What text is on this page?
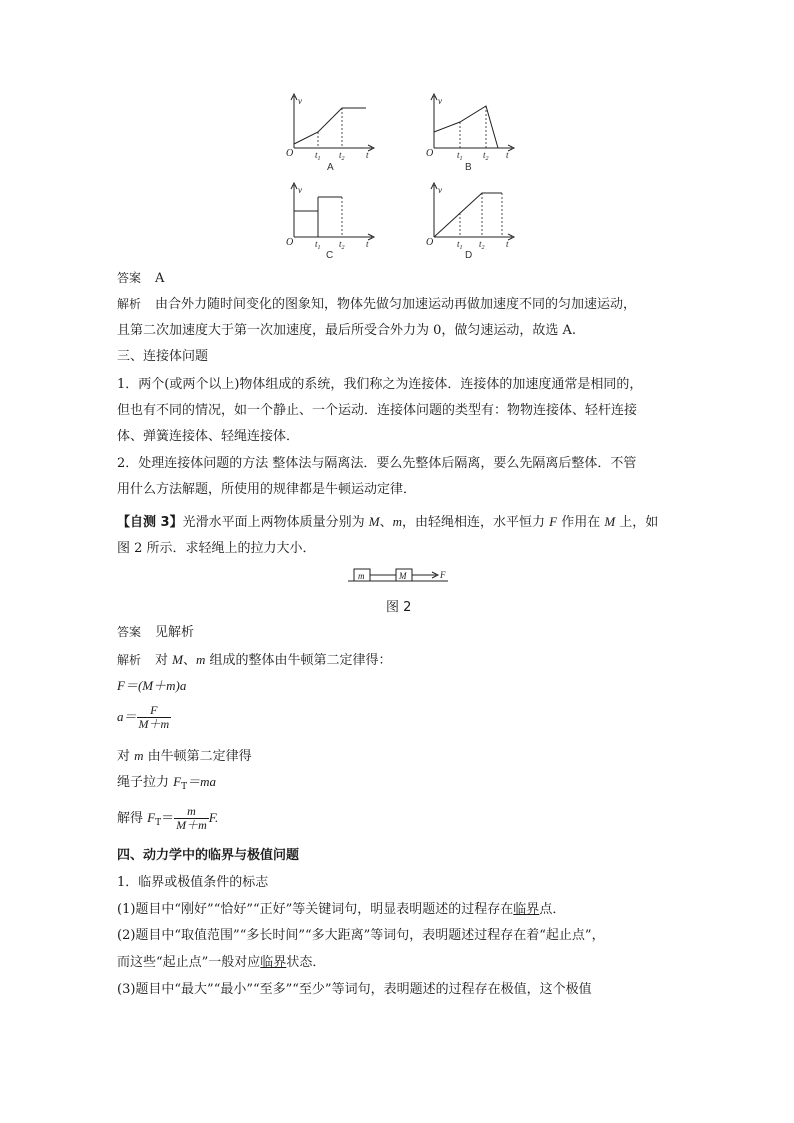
v
O $t_1$ $t_2$ t
A
v
O	$t_1$ $t_2$ t
B
v
O $t_1$ $t_2$ t
C
v
O	$t_1$ $t_2$ t
D
答案 A
解析 由合外力随时间变化的图象知，物体先做匀加速运动再做加速度不同的匀加速运动，
且第二次加速度大于第一次加速度，最后所受合外力为 0，做匀速运动，故选 A.
三、连接体问题
1．两个(或两个以上)物体组成的系统，我们称之为连接体．连接体的加速度通常是相同的，
但也有不同的情况，如一个静止、一个运动．连接体问题的类型有：物物连接体、轻杆连接
体、弹簧连接体、轻绳连接体．
2．处理连接体问题的方法 整体法与隔离法．要么先整体后隔离，要么先隔离后整体．不管
用什么方法解题，所使用的规律都是牛顿运动定律．
【自测 3】光滑水平面上两物体质量分别为 M、m，由轻绳相连，水平恒力 F 作用在 M 上，如
图 2 所示．求轻绳上的拉力大小．
m	M	F
图 2
答案 见解析
解析 对 M、m 组成的整体由牛顿第二定律得：
F＝(M＋m)a
$a= \frac{F}{M+m}$
对 m 由牛顿第二定律得
绳子拉力 $F_T=ma$
解得 $F_T= \frac{m}{M+m} F$.
四、动力学中的临界与极值问题
1．临界或极值条件的标志
(1)题目中“刚好”“恰好”“正好”等关键词句，明显表明题述的过程存在临界点．
(2)题目中“取值范围”“多长时间”“多大距离”等词句，表明题述过程存在着“起止点”，
而这些“起止点”一般对应临界状态．
(3)题目中“最大”“最小”“至多”“至少”等词句，表明题述的过程存在极值，这个极值
